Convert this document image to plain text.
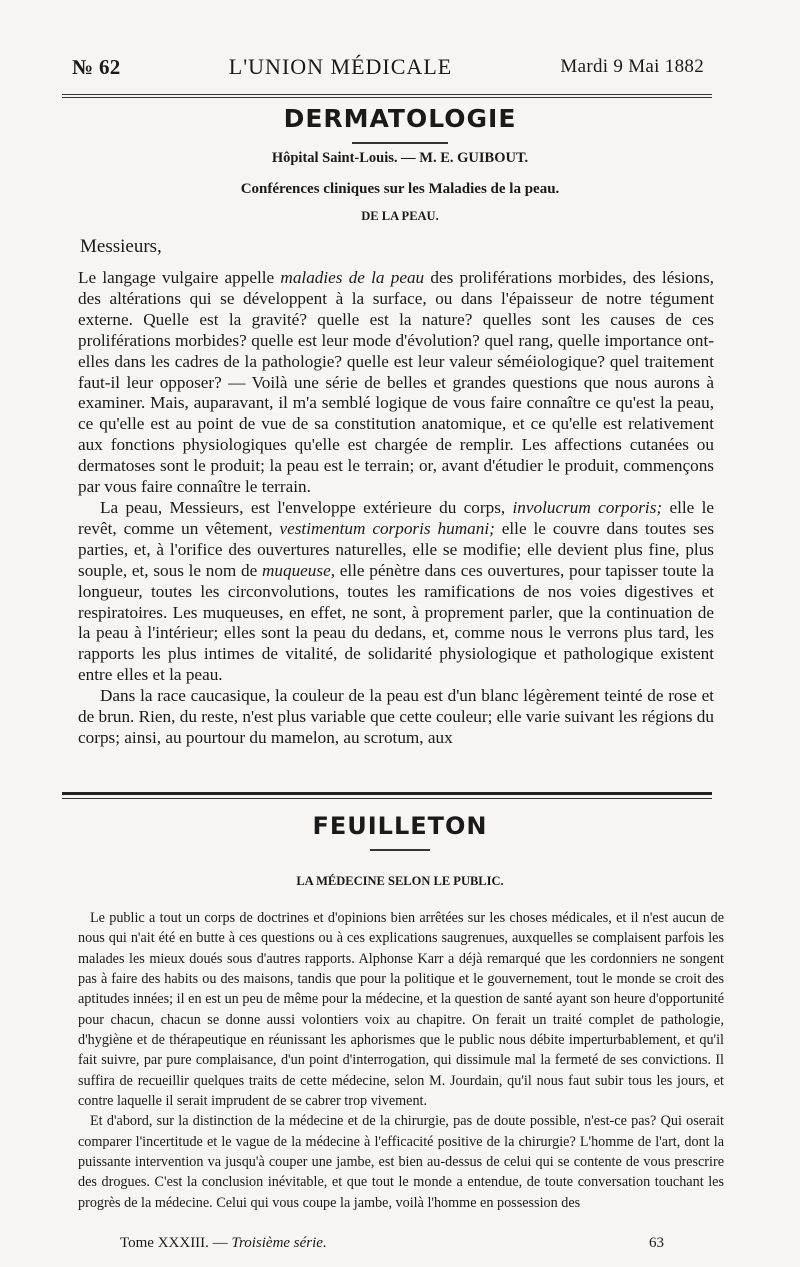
№ 62	L'UNION MÉDICALE	Mardi 9 Mai 1882
DERMATOLOGIE
Hôpital Saint-Louis. — M. E. GUIBOUT.
Conférences cliniques sur les Maladies de la peau.
DE LA PEAU.
Messieurs,

Le langage vulgaire appelle maladies de la peau des proliférations morbides, des lésions, des altérations qui se développent à la surface, ou dans l'épaisseur de notre tégument externe. Quelle est la gravité? quelle est la nature? quelles sont les causes de ces proliférations morbides? quelle est leur mode d'évolution? quel rang, quelle importance ont-elles dans les cadres de la pathologie? quelle est leur valeur séméiologique? quel traitement faut-il leur opposer? — Voilà une série de belles et grandes questions que nous aurons à examiner. Mais, auparavant, il m'a semblé logique de vous faire connaître ce qu'est la peau, ce qu'elle est au point de vue de sa constitution anatomique, et ce qu'elle est relativement aux fonctions physiologiques qu'elle est chargée de remplir. Les affections cutanées ou dermatoses sont le produit; la peau est le terrain; or, avant d'étudier le produit, commençons par vous faire connaître le terrain.

La peau, Messieurs, est l'enveloppe extérieure du corps, involucrum corporis; elle le revêt, comme un vêtement, vestimentum corporis humani; elle le couvre dans toutes ses parties, et, à l'orifice des ouvertures naturelles, elle se modifie; elle devient plus fine, plus souple, et, sous le nom de muqueuse, elle pénètre dans ces ouvertures, pour tapisser toute la longueur, toutes les circonvolutions, toutes les ramifications de nos voies digestives et respiratoires. Les muqueuses, en effet, ne sont, à proprement parler, que la continuation de la peau à l'intérieur; elles sont la peau du dedans, et, comme nous le verrons plus tard, les rapports les plus intimes de vitalité, de solidarité physiologique et pathologique existent entre elles et la peau.

Dans la race caucasique, la couleur de la peau est d'un blanc légèrement teinté de rose et de brun. Rien, du reste, n'est plus variable que cette couleur; elle varie suivant les régions du corps; ainsi, au pourtour du mamelon, au scrotum, aux

FEUILLETON
LA MÉDECINE SELON LE PUBLIC.

Le public a tout un corps de doctrines et d'opinions bien arrêtées sur les choses médicales, et il n'est aucun de nous qui n'ait été en butte à ces questions ou à ces explications saugrenues, auxquelles se complaisent parfois les malades les mieux doués sous d'autres rapports. Alphonse Karr a déjà remarqué que les cordonniers ne songent pas à faire des habits ou des maisons, tandis que pour la politique et le gouvernement, tout le monde se croit des aptitudes innées; il en est un peu de même pour la médecine, et la question de santé ayant son heure d'opportunité pour chacun, chacun se donne aussi volontiers voix au chapitre. On ferait un traité complet de pathologie, d'hygiène et de thérapeutique en réunissant les aphorismes que le public nous débite imperturbablement, et qu'il fait suivre, par pure complaisance, d'un point d'interrogation, qui dissimule mal la fermeté de ses convictions. Il suffira de recueillir quelques traits de cette médecine, selon M. Jourdain, qu'il nous faut subir tous les jours, et contre laquelle il serait imprudent de se cabrer trop vivement.

Et d'abord, sur la distinction de la médecine et de la chirurgie, pas de doute possible, n'est-ce pas? Qui oserait comparer l'incertitude et le vague de la médecine à l'efficacité positive de la chirurgie? L'homme de l'art, dont la puissante intervention va jusqu'à couper une jambe, est bien au-dessus de celui qui se contente de vous prescrire des drogues. C'est la conclusion inévitable, et que tout le monde a entendue, de toute conversation touchant les progrès de la médecine. Celui qui vous coupe la jambe, voilà l'homme en possession des

Tome XXXIII. — Troisième série.	63
